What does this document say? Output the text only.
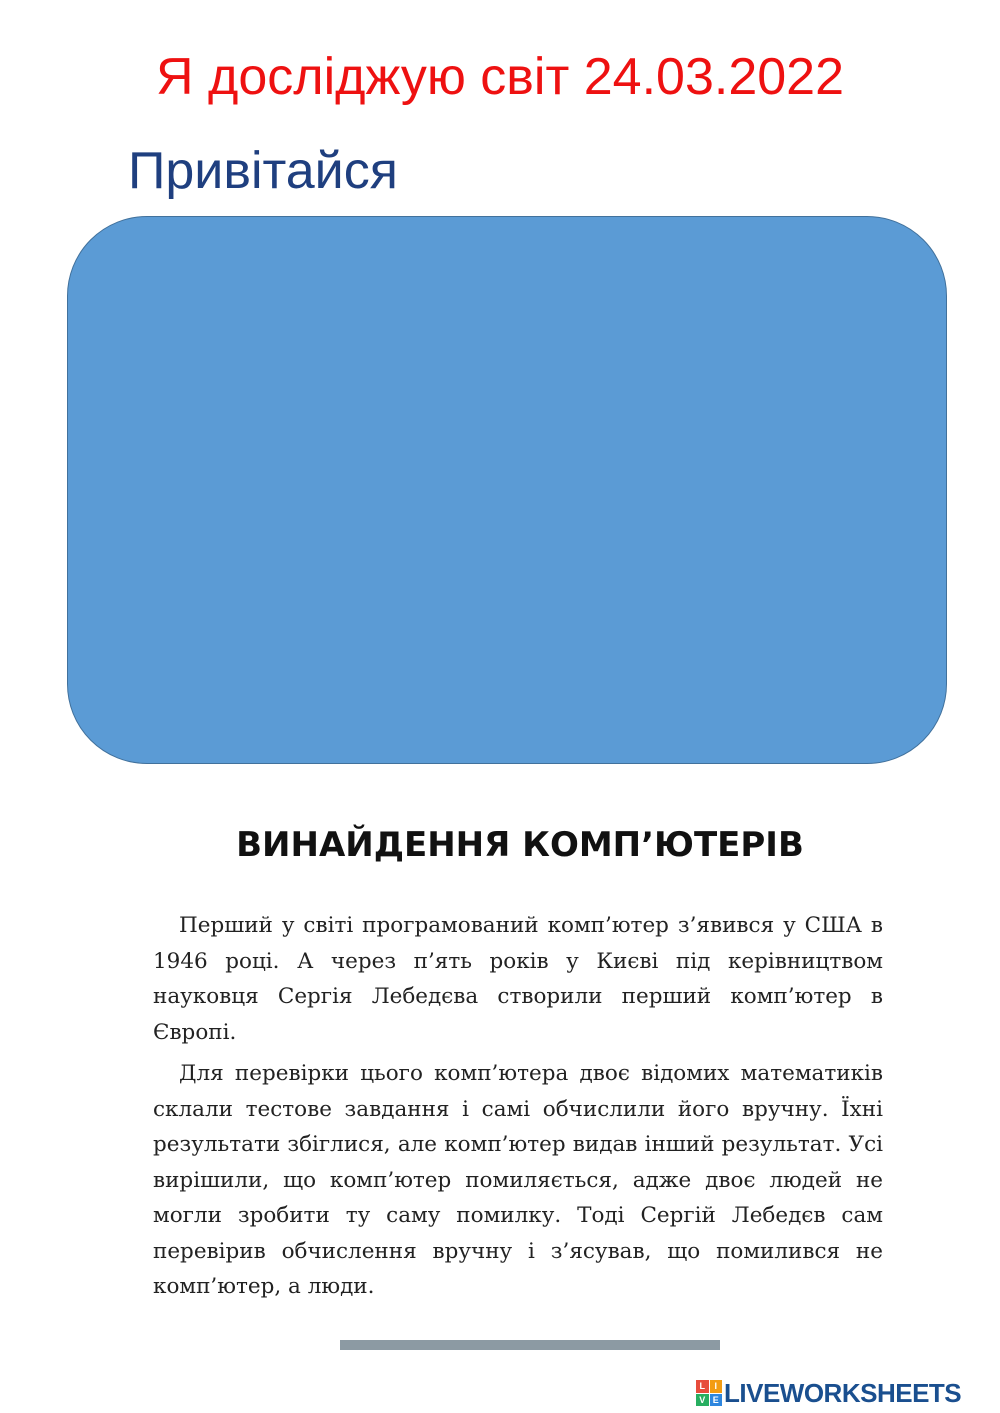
Я досліджую світ 24.03.2022
Привітайся
ВИНАЙДЕННЯ КОМП’ЮТЕРІВ

Перший у світі програмований комп’ютер з’явився у США в 1946 році. А через п’ять років у Києві під керівництвом науковця Сергія Лебедєва створили перший комп’ютер в Європі.

Для перевірки цього комп’ютера двоє відомих математиків склали тестове завдання і самі обчислили його вручну. Їхні результати збіглися, але комп’ютер видав інший результат. Усі вирішили, що комп’ютер помиляється, адже двоє людей не могли зробити ту саму помилку. Тоді Сергій Лебедєв сам перевірив обчислення вручну і з’ясував, що помилився не комп’ютер, а люди.

L	I
V E LIVEWORKSHEETS
